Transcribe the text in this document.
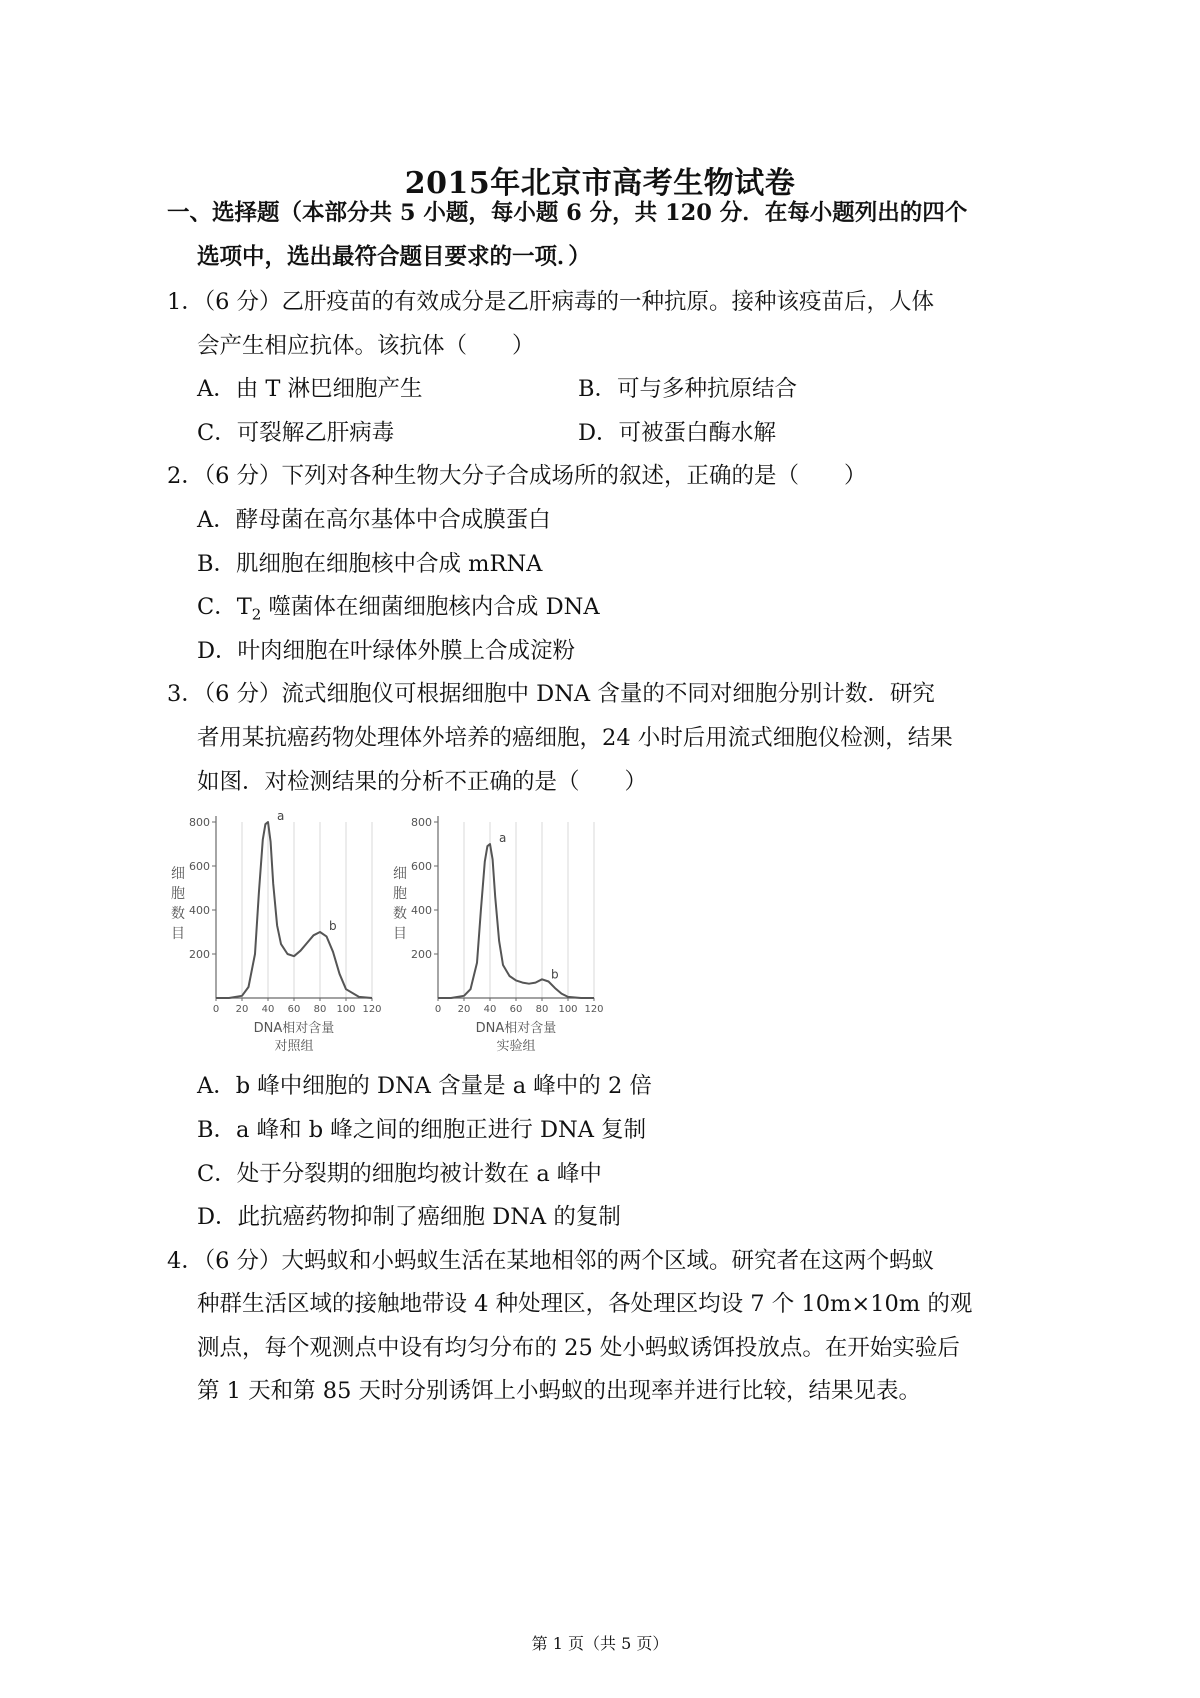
2015年北京市高考生物试卷
一、选择题（本部分共 5 小题，每小题 6 分，共 120 分．在每小题列出的四个
选项中，选出最符合题目要求的一项．）
1．（6 分）乙肝疫苗的有效成分是乙肝病毒的一种抗原。接种该疫苗后，人体
会产生相应抗体。该抗体（　　）
A．由 T 淋巴细胞产生	B．可与多种抗原结合
C．可裂解乙肝病毒	D．可被蛋白酶水解
2．（6 分）下列对各种生物大分子合成场所的叙述，正确的是（　　）
A．酵母菌在高尔基体中合成膜蛋白
B．肌细胞在细胞核中合成 mRNA
C．$T_2$ 噬菌体在细菌细胞核内合成 DNA
D．叶肉细胞在叶绿体外膜上合成淀粉
3．（6 分）流式细胞仪可根据细胞中 DNA 含量的不同对细胞分别计数．研究
者用某抗癌药物处理体外培养的癌细胞，24 小时后用流式细胞仪检测，结果
如图．对检测结果的分析不正确的是（　　）
200
400
600
800
0 20 40 60 80 100 120
细
胞
数
目
a
b
DNA相对含量
对照组
200
400
600
800
0 20 40 60 80 100 120
细
胞
数
目
a
b
DNA相对含量
实验组
A．b 峰中细胞的 DNA 含量是 a 峰中的 2 倍
B．a 峰和 b 峰之间的细胞正进行 DNA 复制
C．处于分裂期的细胞均被计数在 a 峰中
D．此抗癌药物抑制了癌细胞 DNA 的复制
4．（6 分）大蚂蚁和小蚂蚁生活在某地相邻的两个区域。研究者在这两个蚂蚁
种群生活区域的接触地带设 4 种处理区，各处理区均设 7 个 10m×10m 的观
测点，每个观测点中设有均匀分布的 25 处小蚂蚁诱饵投放点。在开始实验后
第 1 天和第 85 天时分别诱饵上小蚂蚁的出现率并进行比较，结果见表。
第 1 页（共 5 页）
